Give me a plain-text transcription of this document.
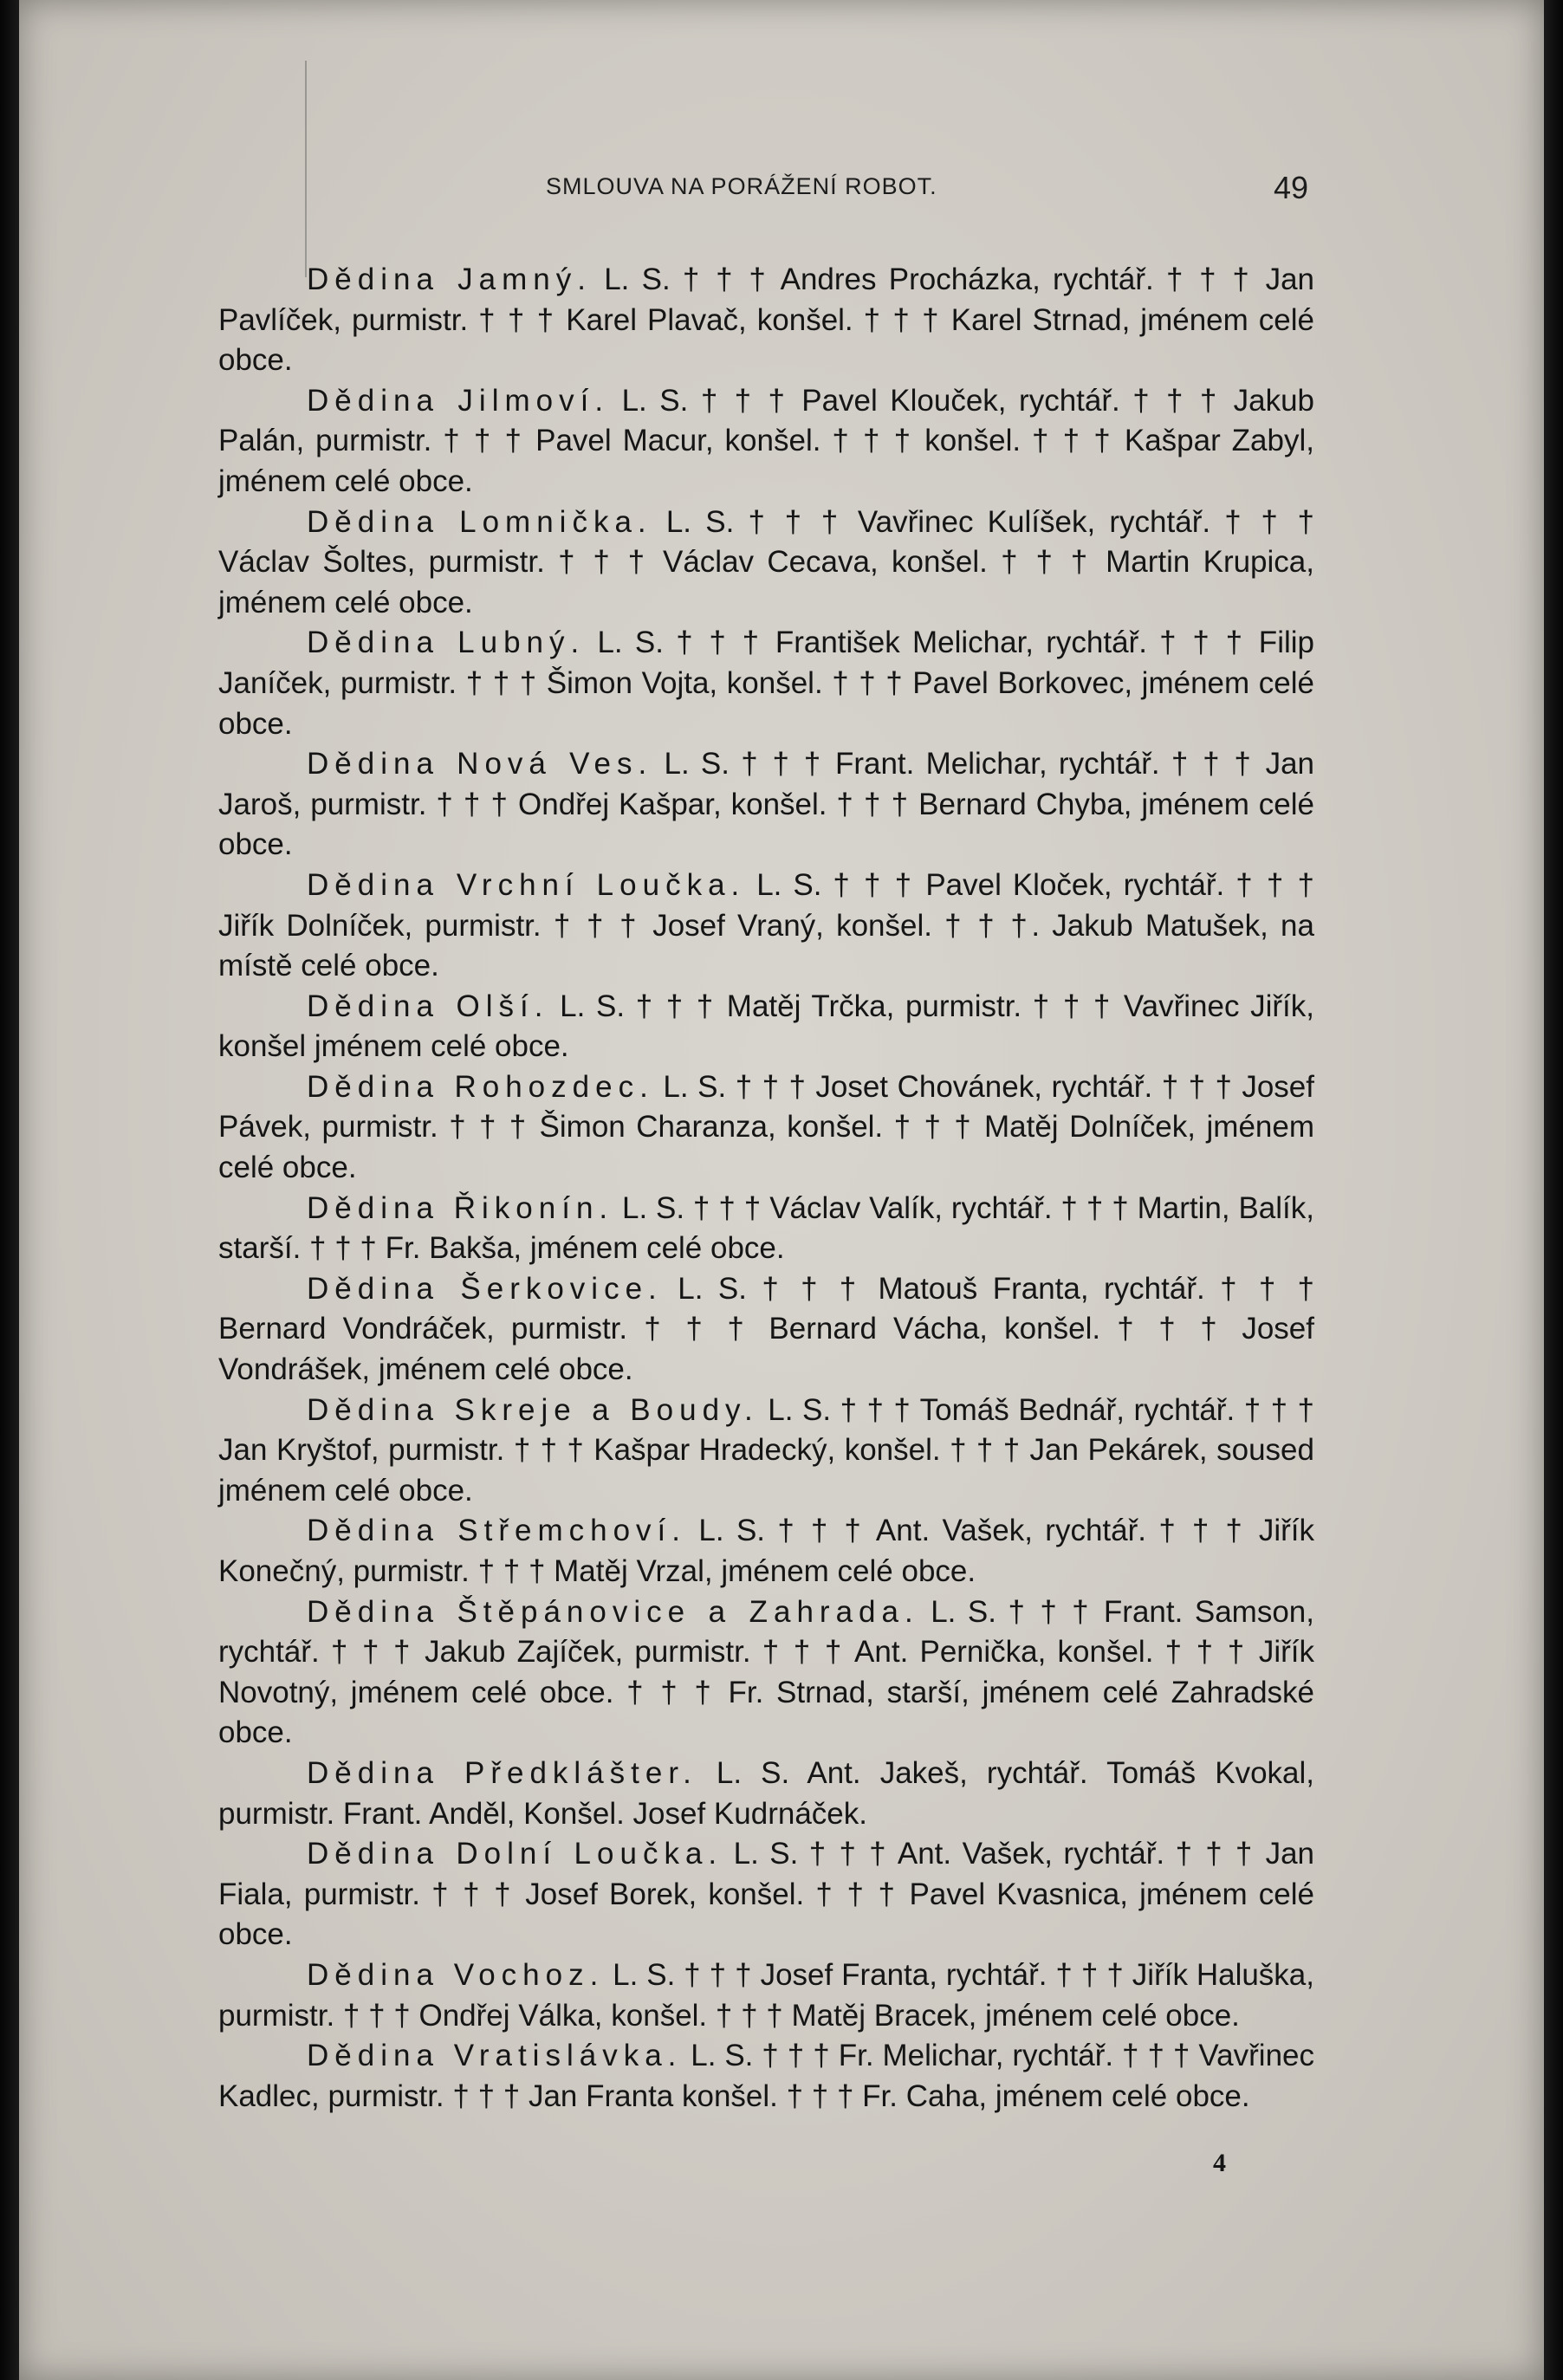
SMLOUVA NA PORÁŽENÍ ROBOT.	49

Dědina Jamný. L. S. † † † Andres Procházka, rychtář. † † † Jan Pavlíček, purmistr. † † † Karel Plavač, konšel. † † † Karel Strnad, jménem celé obce.

Dědina Jilmoví. L. S. † † † Pavel Klouček, rychtář. † † † Jakub Palán, purmistr. † † † Pavel Macur, konšel. † † † konšel. † † † Kašpar Zabyl, jménem celé obce.

Dědina Lomnička. L. S. † † † Vavřinec Kulíšek, rychtář. † † † Václav Šoltes, purmistr. † † † Václav Cecava, konšel. † † † Martin Krupica, jménem celé obce.

Dědina Lubný. L. S. † † † František Melichar, rychtář. † † † Filip Janíček, purmistr. † † † Šimon Vojta, konšel. † † † Pavel Borkovec, jménem celé obce.

Dědina Nová Ves. L. S. † † † Frant. Melichar, rychtář. † † † Jan Jaroš, purmistr. † † † Ondřej Kašpar, konšel. † † † Bernard Chyba, jménem celé obce.

Dědina Vrchní Loučka. L. S. † † † Pavel Kloček, rychtář. † † † Jiřík Dolníček, purmistr. † † † Josef Vraný, konšel. † † †. Jakub Matušek, na místě celé obce.

Dědina Olší. L. S. † † † Matěj Trčka, purmistr. † † † Vavřinec Jiřík, konšel jménem celé obce.

Dědina Rohozdec. L. S. † † † Joset Chovánek, rychtář. † † † Josef Pávek, purmistr. † † † Šimon Charanza, konšel. † † † Matěj Dolníček, jménem celé obce.

Dědina Řikonín. L. S. † † † Václav Valík, rychtář. † † † Martin, Balík, starší. † † † Fr. Bakša, jménem celé obce.

Dědina Šerkovice. L. S. † † † Matouš Franta, rychtář. † † † Bernard Vondráček, purmistr. † † † Bernard Vácha, konšel. † † † Josef Vondrášek, jménem celé obce.

Dědina Skreje a Boudy. L. S. † † † Tomáš Bednář, rychtář. † † † Jan Kryštof, purmistr. † † † Kašpar Hradecký, konšel. † † † Jan Pekárek, soused jménem celé obce.

Dědina Střemchoví. L. S. † † † Ant. Vašek, rychtář. † † † Jiřík Konečný, purmistr. † † † Matěj Vrzal, jménem celé obce.

Dědina Štěpánovice a Zahrada. L. S. † † † Frant. Samson, rychtář. † † † Jakub Zajíček, purmistr. † † † Ant. Pernička, konšel. † † † Jiřík Novotný, jménem celé obce. † † † Fr. Strnad, starší, jménem celé Zahradské obce.

Dědina Předklášter. L. S. Ant. Jakeš, rychtář. Tomáš Kvokal, purmistr. Frant. Anděl, Konšel. Josef Kudrnáček.

Dědina Dolní Loučka. L. S. † † † Ant. Vašek, rychtář. † † † Jan Fiala, purmistr. † † † Josef Borek, konšel. † † † Pavel Kvasnica, jménem celé obce.

Dědina Vochoz. L. S. † † † Josef Franta, rychtář. † † † Jiřík Haluška, purmistr. † † † Ondřej Válka, konšel. † † † Matěj Bracek, jménem celé obce.

Dědina Vratislávka. L. S. † † † Fr. Melichar, rychtář. † † † Vavřinec Kadlec, purmistr. † † † Jan Franta konšel. † † † Fr. Caha, jménem celé obce.

4
